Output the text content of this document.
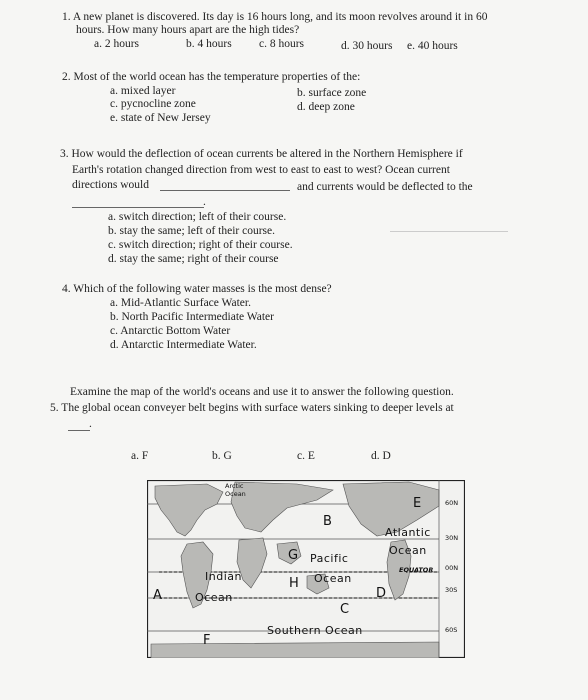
1. A new planet is discovered. Its day is 16 hours long, and its moon revolves around it in 60
hours. How many hours apart are the high tides?
a. 2 hours	b. 4 hours c. 8 hours	d. 30 hours e. 40 hours
2. Most of the world ocean has the temperature properties of the:
a. mixed layer	b. surface zone
c. pycnocline zone	d. deep zone
e. state of New Jersey
3. How would the deflection of ocean currents be altered in the Northern Hemisphere if
Earth's rotation changed direction from west to east to east to west? Ocean current
directions would	and currents would be deflected to the
.
a. switch direction; left of their course.
b. stay the same; left of their course.
c. switch direction; right of their course.
d. stay the same; right of their course
4. Which of the following water masses is the most dense?
a. Mid-Atlantic Surface Water.
b. North Pacific Intermediate Water
c. Antarctic Bottom Water
d. Antarctic Intermediate Water.
Examine the map of the world's oceans and use it to answer the following question.
5. The global ocean conveyer belt begins with surface waters sinking to deeper levels at
.
a. F	b. G	c. E	d. D
Arctic
Ocean
E
B
Atlantic
Ocean
G Pacific
Ocean
H
Indian
Ocean
A	D
EQUATOR
C
Southern Ocean
F
60N
30N
00N
30S
60S
